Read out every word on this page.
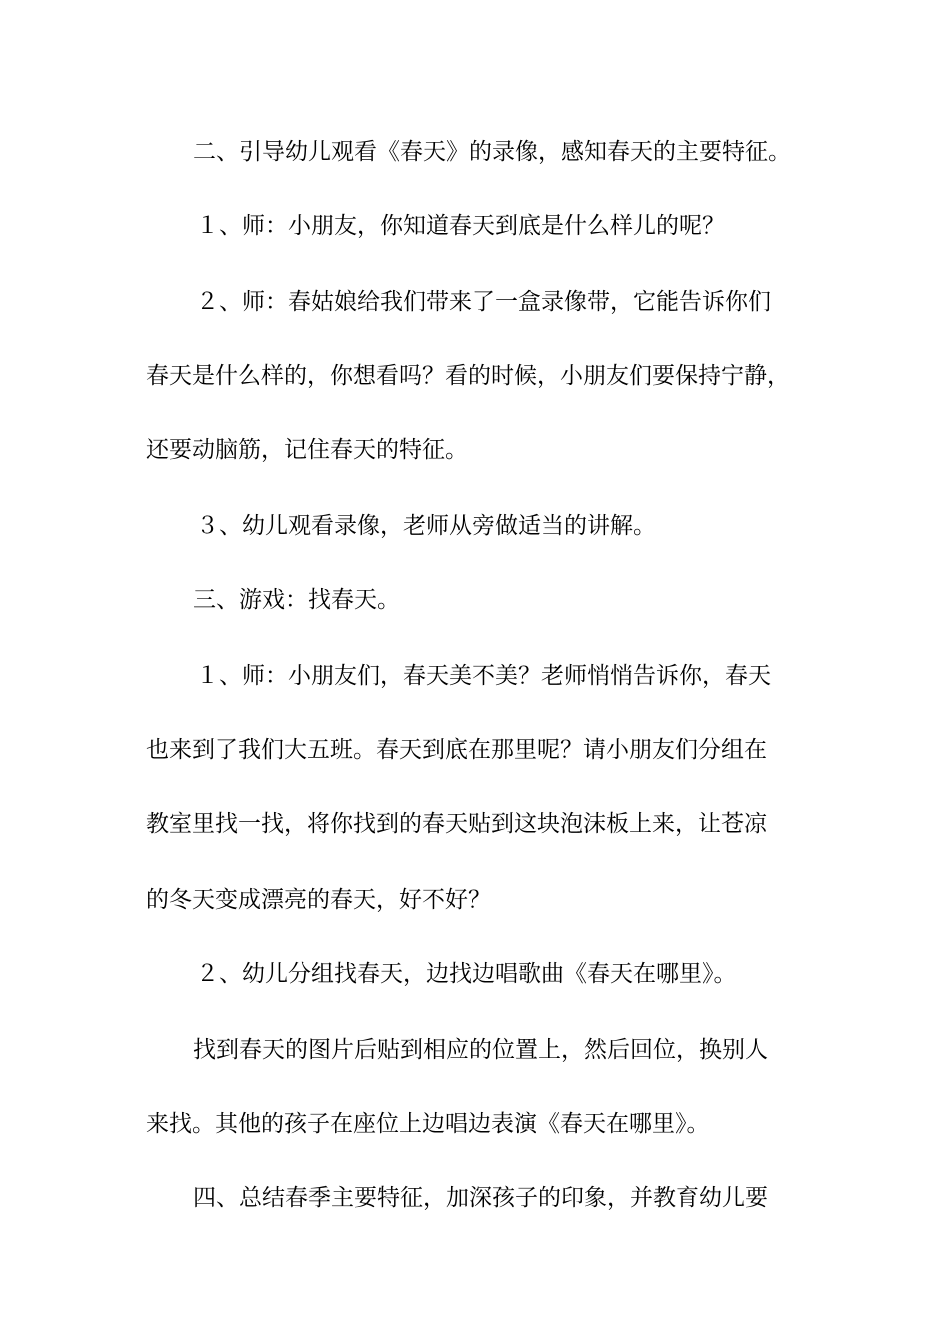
二、引导幼儿观看《春天》的录像，感知春天的主要特征。
１、师：小朋友，你知道春天到底是什么样儿的呢？
２、师：春姑娘给我们带来了一盒录像带，它能告诉你们
春天是什么样的，你想看吗？看的时候，小朋友们要保持宁静，
还要动脑筋，记住春天的特征。
３、幼儿观看录像，老师从旁做适当的讲解。
三、游戏：找春天。
１、师：小朋友们，春天美不美？老师悄悄告诉你，春天
也来到了我们大五班。春天到底在那里呢？请小朋友们分组在
教室里找一找，将你找到的春天贴到这块泡沫板上来，让苍凉
的冬天变成漂亮的春天，好不好？
２、幼儿分组找春天，边找边唱歌曲《春天在哪里》。
找到春天的图片后贴到相应的位置上，然后回位，换别人
来找。其他的孩子在座位上边唱边表演《春天在哪里》。
四、总结春季主要特征，加深孩子的印象，并教育幼儿要
